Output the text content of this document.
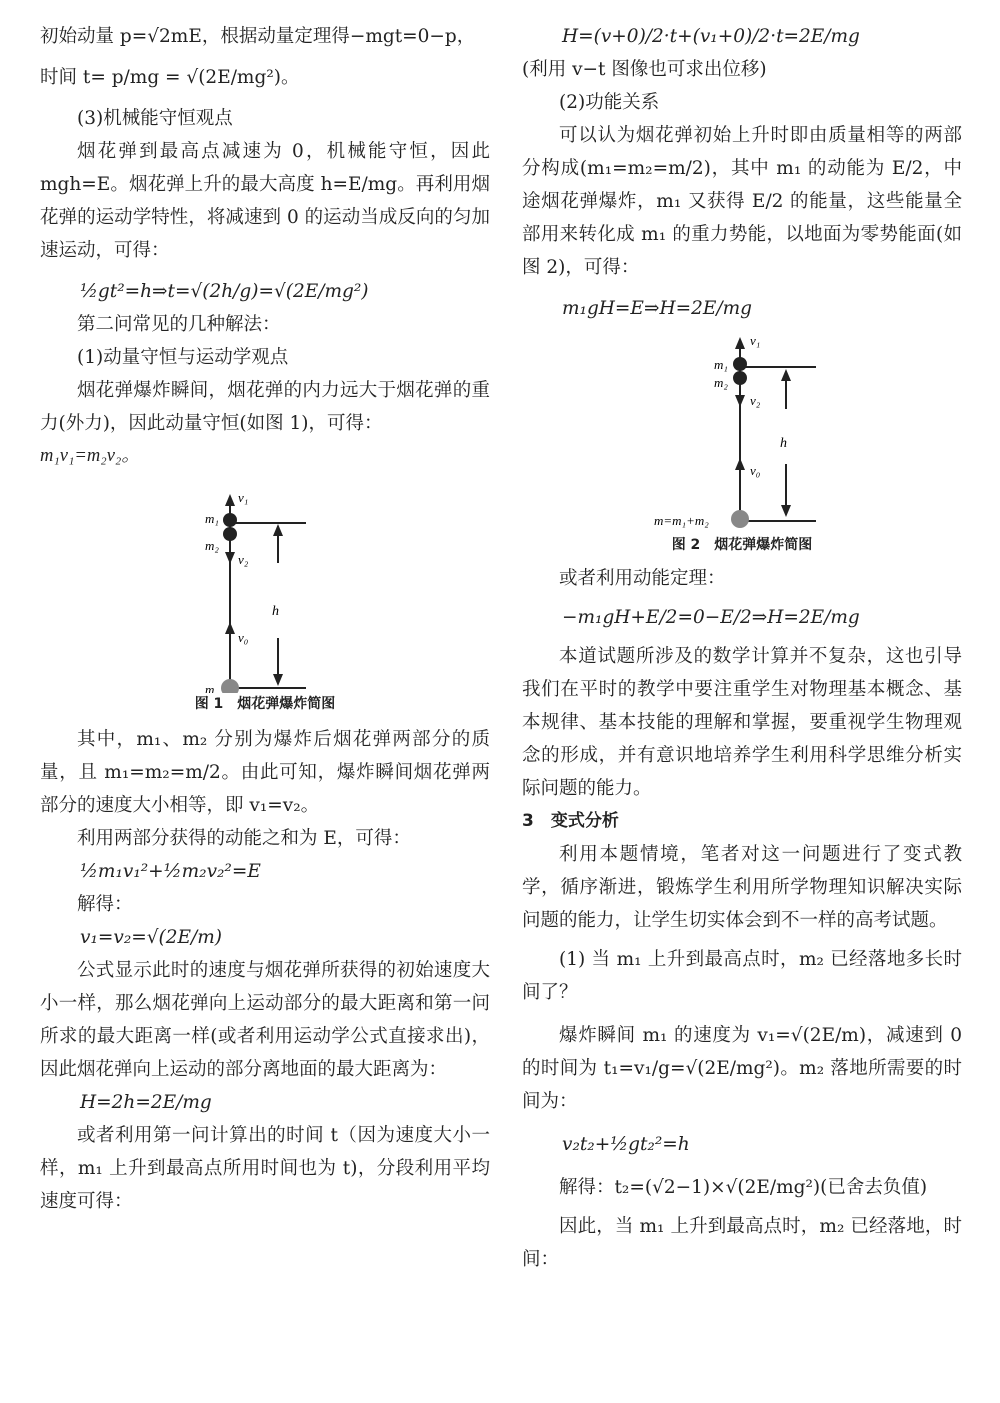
初始动量 p=√2mE，根据动量定理得−mgt=0−p，

时间 t= p/mg = √(2E/mg²)。

(3)机械能守恒观点

烟花弹到最高点减速为 0，机械能守恒，因此 mgh=E。烟花弹上升的最大高度 h=E/mg。再利用烟花弹的运动学特性，将减速到 0 的运动当成反向的匀加速运动，可得：

½gt²=h⇒t=√(2h/g)=√(2E/mg²)

第二问常见的几种解法：

(1)动量守恒与运动学观点

烟花弹爆炸瞬间，烟花弹的内力远大于烟花弹的重力(外力)，因此动量守恒(如图 1)，可得：

m₁v₁=m₂v₂。

v₁
m₁
m₂
v₂
h
v₀
m

图 1　烟花弹爆炸简图

其中，m₁、m₂ 分别为爆炸后烟花弹两部分的质量，且 m₁=m₂=m/2。由此可知，爆炸瞬间烟花弹两部分的速度大小相等，即 v₁=v₂。

利用两部分获得的动能之和为 E，可得：

½m₁v₁²+½m₂v₂²=E

解得：

v₁=v₂=√(2E/m)

公式显示此时的速度与烟花弹所获得的初始速度大小一样，那么烟花弹向上运动部分的最大距离和第一问所求的最大距离一样(或者利用运动学公式直接求出)，因此烟花弹向上运动的部分离地面的最大距离为：

H=2h=2E/mg

或者利用第一问计算出的时间 t（因为速度大小一样，m₁ 上升到最高点所用时间也为 t)，分段利用平均速度可得：

H=(v+0)/2·t+(v₁+0)/2·t=2E/mg

(利用 v−t 图像也可求出位移)

(2)功能关系

可以认为烟花弹初始上升时即由质量相等的两部分构成(m₁=m₂=m/2)，其中 m₁ 的动能为 E/2，中途烟花弹爆炸，m₁ 又获得 E/2 的能量，这些能量全部用来转化成 m₁ 的重力势能，以地面为零势能面(如图 2)，可得：

m₁gH=E⇒H=2E/mg

v₁
m₁
m₂
v₂
h
v₀
m=m₁+m₂

图 2　烟花弹爆炸简图

或者利用动能定理：

−m₁gH+E/2=0−E/2⇒H=2E/mg

本道试题所涉及的数学计算并不复杂，这也引导我们在平时的教学中要注重学生对物理基本概念、基本规律、基本技能的理解和掌握，要重视学生物理观念的形成，并有意识地培养学生利用科学思维分析实际问题的能力。

3　变式分析

利用本题情境，笔者对这一问题进行了变式教学，循序渐进，锻炼学生利用所学物理知识解决实际问题的能力，让学生切实体会到不一样的高考试题。

(1) 当 m₁ 上升到最高点时，m₂ 已经落地多长时间了？

爆炸瞬间 m₁ 的速度为 v₁=√(2E/m)，减速到 0 的时间为 t₁=v₁/g=√(2E/mg²)。m₂ 落地所需要的时间为：

v₂t₂+½gt₂²=h

解得：t₂=(√2−1)×√(2E/mg²)(已舍去负值)

因此，当 m₁ 上升到最高点时，m₂ 已经落地，时间：
